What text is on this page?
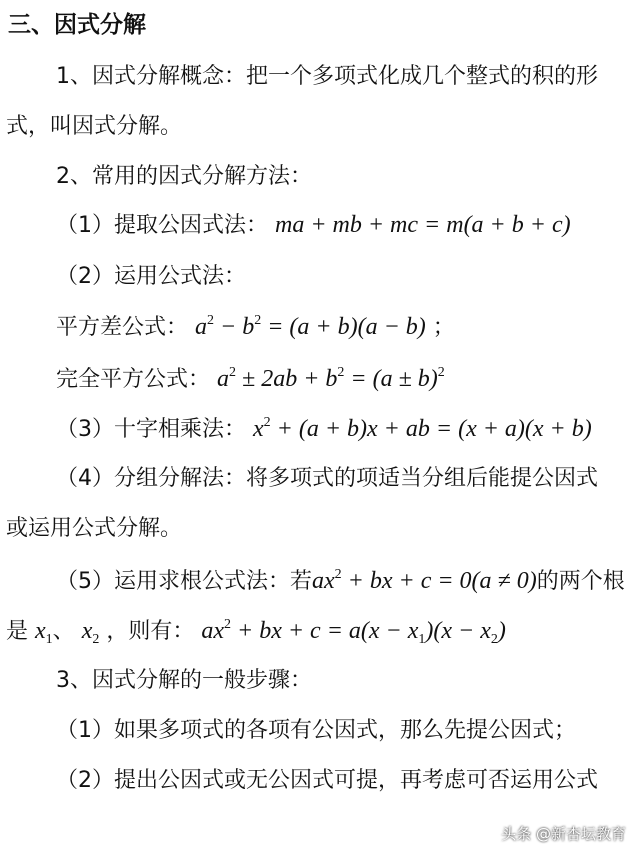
三、因式分解
1、因式分解概念：把一个多项式化成几个整式的积的形
式，叫因式分解。
2、常用的因式分解方法：
（1）提取公因式法： ma + mb + mc = m(a + b + c)
（2）运用公式法：
平方差公式： $a^2 - b^2 = (a + b)(a - b)$ ；
完全平方公式： $a^2 \pm 2ab + b^2 = (a \pm b)^2$
（3）十字相乘法： $x^2 + (a + b)x$ + ab = (x + a)(x + b)
（4）分组分解法：将多项式的项适当分组后能提公因式
或运用公式分解。
（5）运用求根公式法：若$ax^2$ + bx + c = 0(a ≠ 0)的两个根
是 $x_1$、 $x_2$ ，则有： $ax^2$ + bx + $c = a(x - x_1)(x - x_2)$
3、因式分解的一般步骤：
（1）如果多项式的各项有公因式，那么先提公因式；
（2）提出公因式或无公因式可提，再考虑可否运用公式
头条 @新杏坛教育
